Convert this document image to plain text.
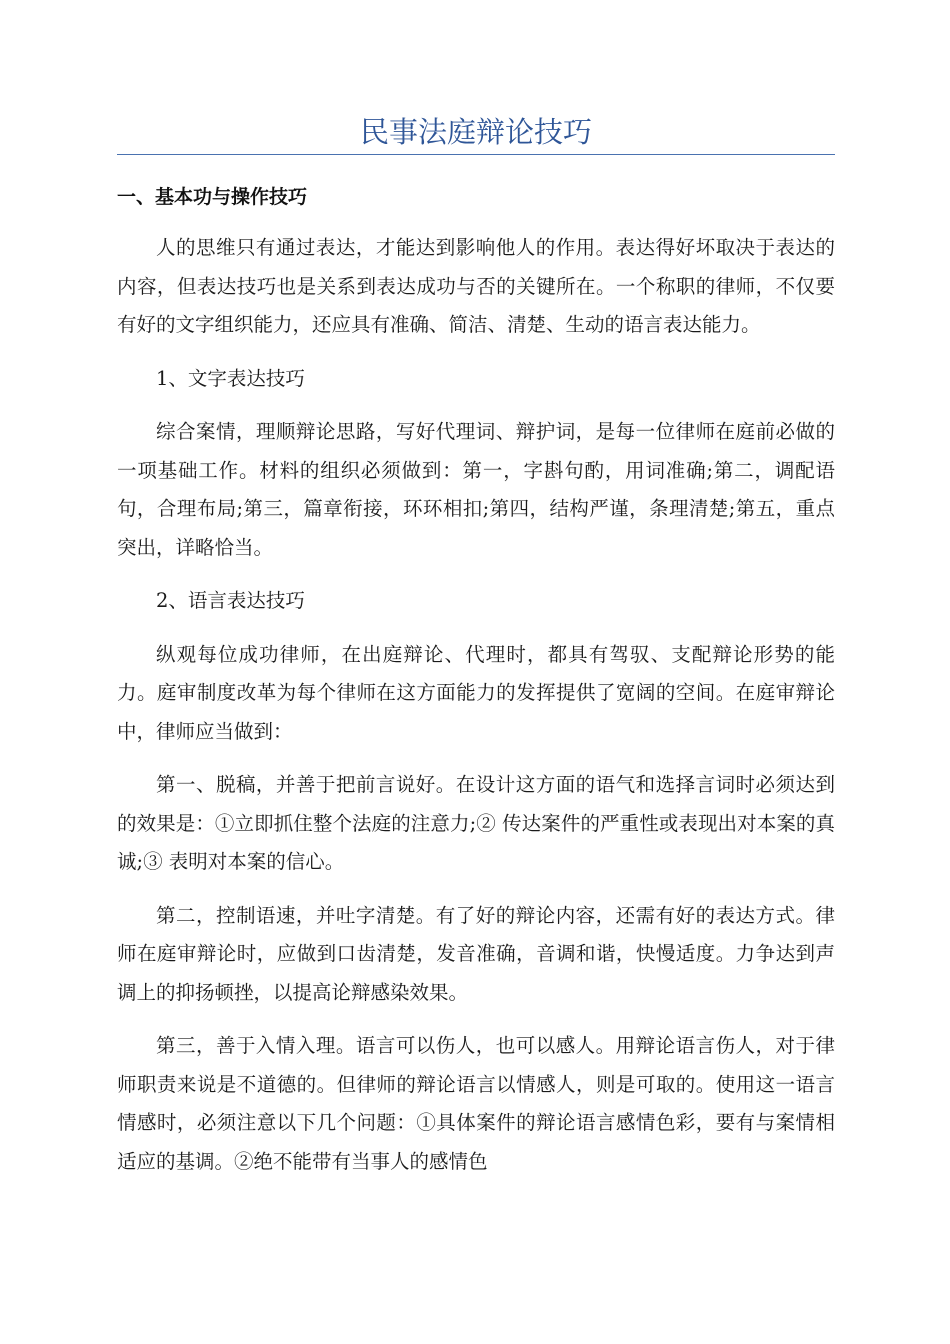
民事法庭辩论技巧
一、基本功与操作技巧

人的思维只有通过表达，才能达到影响他人的作用。表达得好坏取决于表达的内容，但表达技巧也是关系到表达成功与否的关键所在。一个称职的律师，不仅要有好的文字组织能力，还应具有准确、简洁、清楚、生动的语言表达能力。

1、文字表达技巧

综合案情，理顺辩论思路，写好代理词、辩护词，是每一位律师在庭前必做的一项基础工作。材料的组织必须做到：第一，字斟句酌，用词准确;第二，调配语句，合理布局;第三，篇章衔接，环环相扣;第四，结构严谨，条理清楚;第五，重点突出，详略恰当。

2、语言表达技巧

纵观每位成功律师，在出庭辩论、代理时，都具有驾驭、支配辩论形势的能力。庭审制度改革为每个律师在这方面能力的发挥提供了宽阔的空间。在庭审辩论中，律师应当做到：

第一、脱稿，并善于把前言说好。在设计这方面的语气和选择言词时必须达到的效果是：①立即抓住整个法庭的注意力;② 传达案件的严重性或表现出对本案的真诚;③ 表明对本案的信心。

第二，控制语速，并吐字清楚。有了好的辩论内容，还需有好的表达方式。律师在庭审辩论时，应做到口齿清楚，发音准确，音调和谐，快慢适度。力争达到声调上的抑扬顿挫，以提高论辩感染效果。

第三，善于入情入理。语言可以伤人，也可以感人。用辩论语言伤人，对于律师职责来说是不道德的。但律师的辩论语言以情感人，则是可取的。使用这一语言情感时，必须注意以下几个问题：①具体案件的辩论语言感情色彩，要有与案情相适应的基调。②绝不能带有当事人的感情色
